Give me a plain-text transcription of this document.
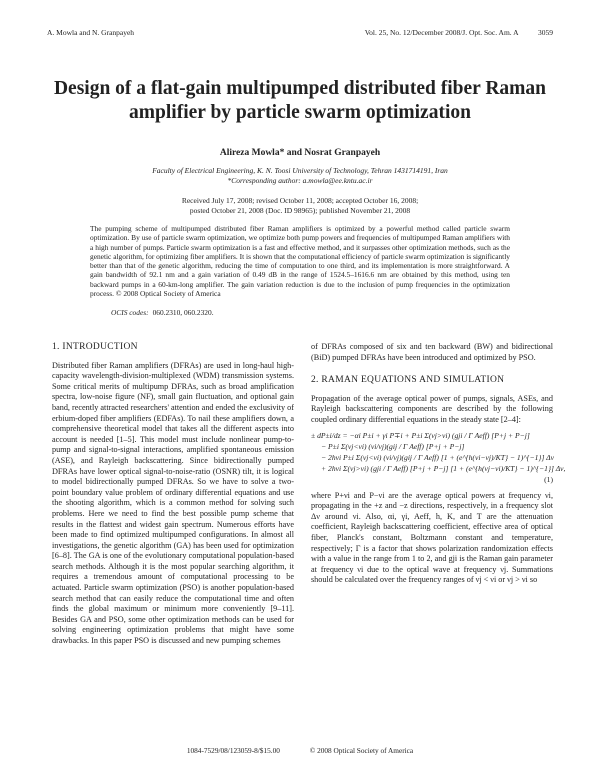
A. Mowla and N. Granpayeh	Vol. 25, No. 12/December 2008/J. Opt. Soc. Am. A	3059
Design of a flat-gain multipumped distributed fiber Raman amplifier by particle swarm optimization
Alireza Mowla* and Nosrat Granpayeh
Faculty of Electrical Engineering, K. N. Toosi University of Technology, Tehran 1431714191, Iran
*Corresponding author: a.mowla@ee.kntu.ac.ir
Received July 17, 2008; revised October 11, 2008; accepted October 16, 2008;
posted October 21, 2008 (Doc. ID 98965); published November 21, 2008
The pumping scheme of multipumped distributed fiber Raman amplifiers is optimized by a powerful method called particle swarm optimization. By use of particle swarm optimization, we optimize both pump powers and frequencies of multipumped Raman amplifiers with a high number of pumps. Particle swarm optimization is a fast and effective method, and it surpasses other optimization methods, such as the genetic algorithm, for optimizing fiber amplifiers. It is shown that the computational efficiency of particle swarm optimization is significantly better than that of the genetic algorithm, reducing the time of computation to one third, and its implementation is more straightforward. A gain bandwidth of 92.1 nm and a gain variation of 0.49 dB in the range of 1524.5–1616.6 nm are obtained by this method, using ten backward pumps in a 60-km-long amplifier. The gain variation reduction is due to the inclusion of pump frequencies in the optimization process. © 2008 Optical Society of America
OCIS codes: 060.2310, 060.2320.
1. INTRODUCTION

Distributed fiber Raman amplifiers (DFRAs) are used in long-haul high-capacity wavelength-division-multiplexed (WDM) transmission systems. Some critical merits of multipump DFRAs, such as broad amplification spectra, low-noise figure (NF), small gain fluctuation, and optional gain band, recently attracted researchers' attention and ended the exclusivity of erbium-doped fiber amplifiers (EDFAs). To nail these amplifiers down, a comprehensive theoretical model that takes all the different aspects into account is needed [1–5]. This model must include nonlinear pump-to-pump and signal-to-signal interactions, amplified spontaneous emission (ASE), and Rayleigh backscattering. Since bidirectionally pumped DFRAs have lower optical signal-to-noise-ratio (OSNR) tilt, it is logical to model bidirectionally pumped DFRAs. So we have to solve a two-point boundary value problem of ordinary differential equations and use the shooting algorithm, which is a common method for solving such problems. Here we need to find the best possible pump scheme that results in the flattest and widest gain spectrum. Numerous efforts have been made to find optimized multipumped configurations. In almost all investigations, the genetic algorithm (GA) has been used for optimization [6–8]. The GA is one of the evolutionary computational population-based search methods. Although it is the most popular searching algorithm, it requires a tremendous amount of computational processing to be actuated. Particle swarm optimization (PSO) is another population-based search method that can easily reduce the computational time and often finds the global maximum or minimum more conveniently [9–11]. Besides GA and PSO, some other optimization methods can be used for solving engineering optimization problems that might have some drawbacks. In this paper PSO is discussed and new pumping schemes

of DFRAs composed of six and ten backward (BW) and bidirectional (BiD) pumped DFRAs have been introduced and optimized by PSO.

2. RAMAN EQUATIONS AND SIMULATION

Propagation of the average optical power of pumps, signals, ASEs, and Rayleigh backscattering components are described by the following coupled ordinary differential equations in the steady state [2–4]:

± dP±i/dz = −αi P±i + γi P∓i + P±i Σ(νj>νi) (gji / Γ Aeff) [P+j + P−j]
− P±i Σ(νj<νi) (νi/νj)(gij / Γ Aeff) [P+j + P−j]
− 2hνi P±i Σ(νj<νi) (νi/νj)(gij / Γ Aeff) [1 + (e^{h(νi−νj)/KT} − 1)^{−1}] Δν
+ 2hνi Σ(νj>νi) (gji / Γ Aeff) [P+j + P−j] [1 + (e^{h(νj−νi)/KT} − 1)^{−1}] Δν,
(1)

where P+νi and P−νi are the average optical powers at frequency νi, propagating in the +z and −z directions, respectively, in a frequency slot Δν around νi. Also, αi, γi, Aeff, h, K, and T are the attenuation coefficient, Rayleigh backscattering coefficient, effective area of optical fiber, Planck's constant, Boltzmann constant and temperature, respectively; Γ is a factor that shows polarization randomization effects with a value in the range from 1 to 2, and gji is the Raman gain parameter at frequency νi due to the optical wave at frequency νj. Summations should be calculated over the frequency ranges of νj < νi or νj > νi so

1084-7529/08/123059-8/$15.00	© 2008 Optical Society of America
